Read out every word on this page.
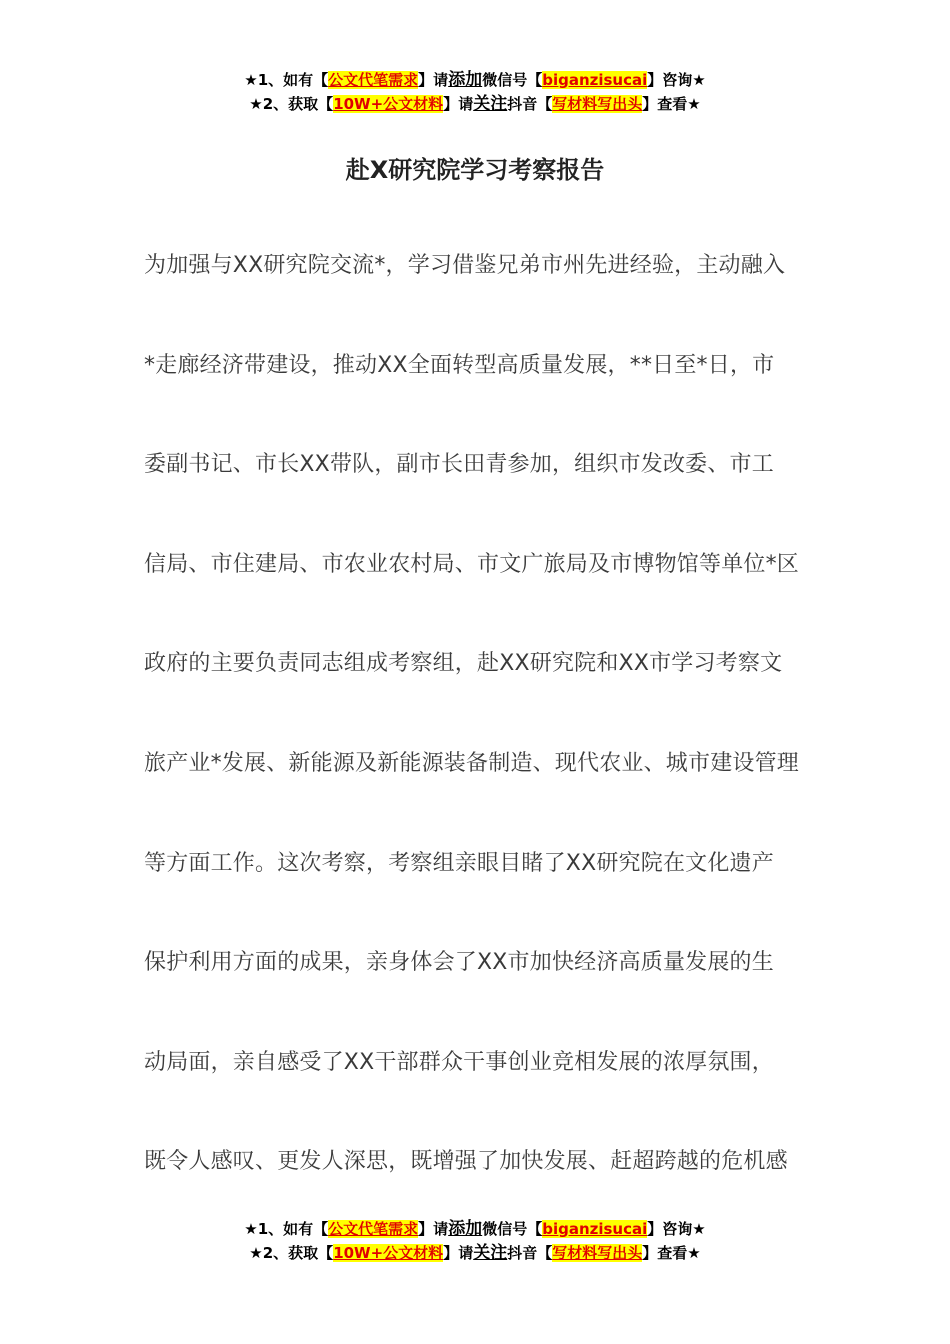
★1、如有【公文代笔需求】请添加微信号【biganzisucai】咨询★
★2、获取【10W+公文材料】请关注抖音【写材料写出头】查看★
赴X研究院学习考察报告
为加强与XX研究院交流*，学习借鉴兄弟市州先进经验，主动融入
*走廊经济带建设，推动XX全面转型高质量发展，**日至*日，市
委副书记、市长XX带队，副市长田青参加，组织市发改委、市工
信局、市住建局、市农业农村局、市文广旅局及市博物馆等单位*区
政府的主要负责同志组成考察组，赴XX研究院和XX市学习考察文
旅产业*发展、新能源及新能源装备制造、现代农业、城市建设管理
等方面工作。这次考察，考察组亲眼目睹了XX研究院在文化遗产
保护利用方面的成果，亲身体会了XX市加快经济高质量发展的生
动局面，亲自感受了XX干部群众干事创业竞相发展的浓厚氛围，
既令人感叹、更发人深思，既增强了加快发展、赶超跨越的危机感
★1、如有【公文代笔需求】请添加微信号【biganzisucai】咨询★
★2、获取【10W+公文材料】请关注抖音【写材料写出头】查看★
